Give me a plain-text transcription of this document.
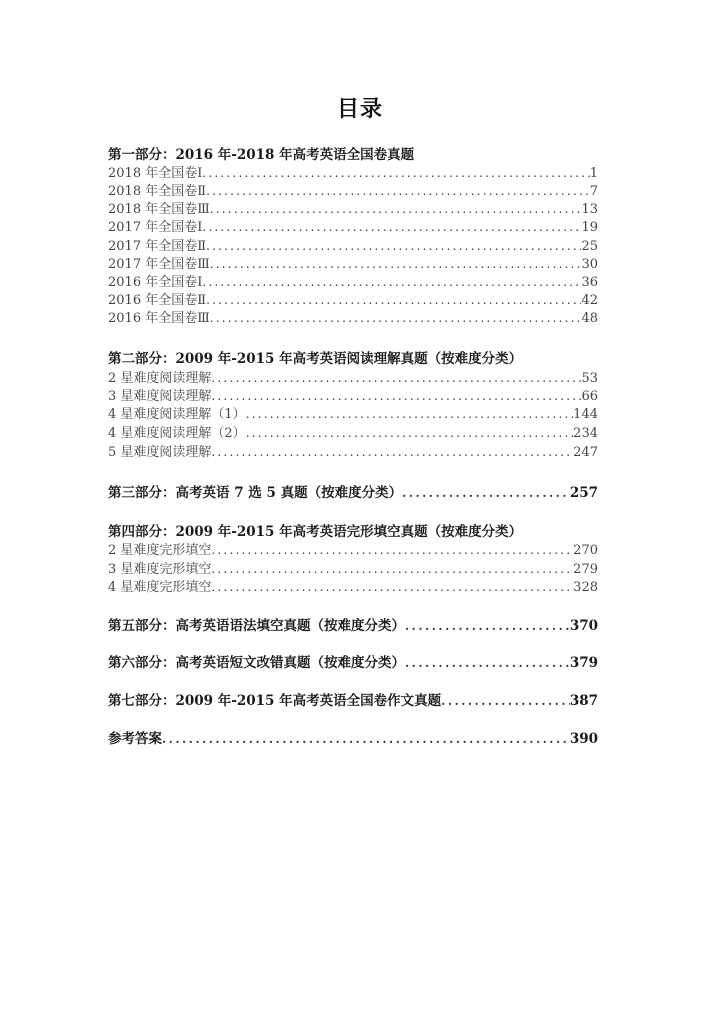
目录
第一部分：2016 年-2018 年高考英语全国卷真题
2018 年全国卷Ⅰ .....	1
2018 年全国卷Ⅱ .....	7
2018 年全国卷Ⅲ .....	13
2017 年全国卷Ⅰ .....	19
2017 年全国卷Ⅱ .....	25
2017 年全国卷Ⅲ .....	30
2016 年全国卷Ⅰ .....	36
2016 年全国卷Ⅱ .....	42
2016 年全国卷Ⅲ .....	48
第二部分：2009 年-2015 年高考英语阅读理解真题（按难度分类）
2 星难度阅读理解 .....	53
3 星难度阅读理解 .....	66
4 星难度阅读理解（1） .....	144
4 星难度阅读理解（2） .....	234
5 星难度阅读理解 .....	247
第三部分：高考英语 7 选 5 真题（按难度分类） .....	257
第四部分：2009 年-2015 年高考英语完形填空真题（按难度分类）
2 星难度完形填空 .....	270
3 星难度完形填空 .....	279
4 星难度完形填空 .....	328
第五部分：高考英语语法填空真题（按难度分类） .....	370
第六部分：高考英语短文改错真题（按难度分类） .....	379
第七部分：2009 年-2015 年高考英语全国卷作文真题 .....	387
参考答案 .....	390
